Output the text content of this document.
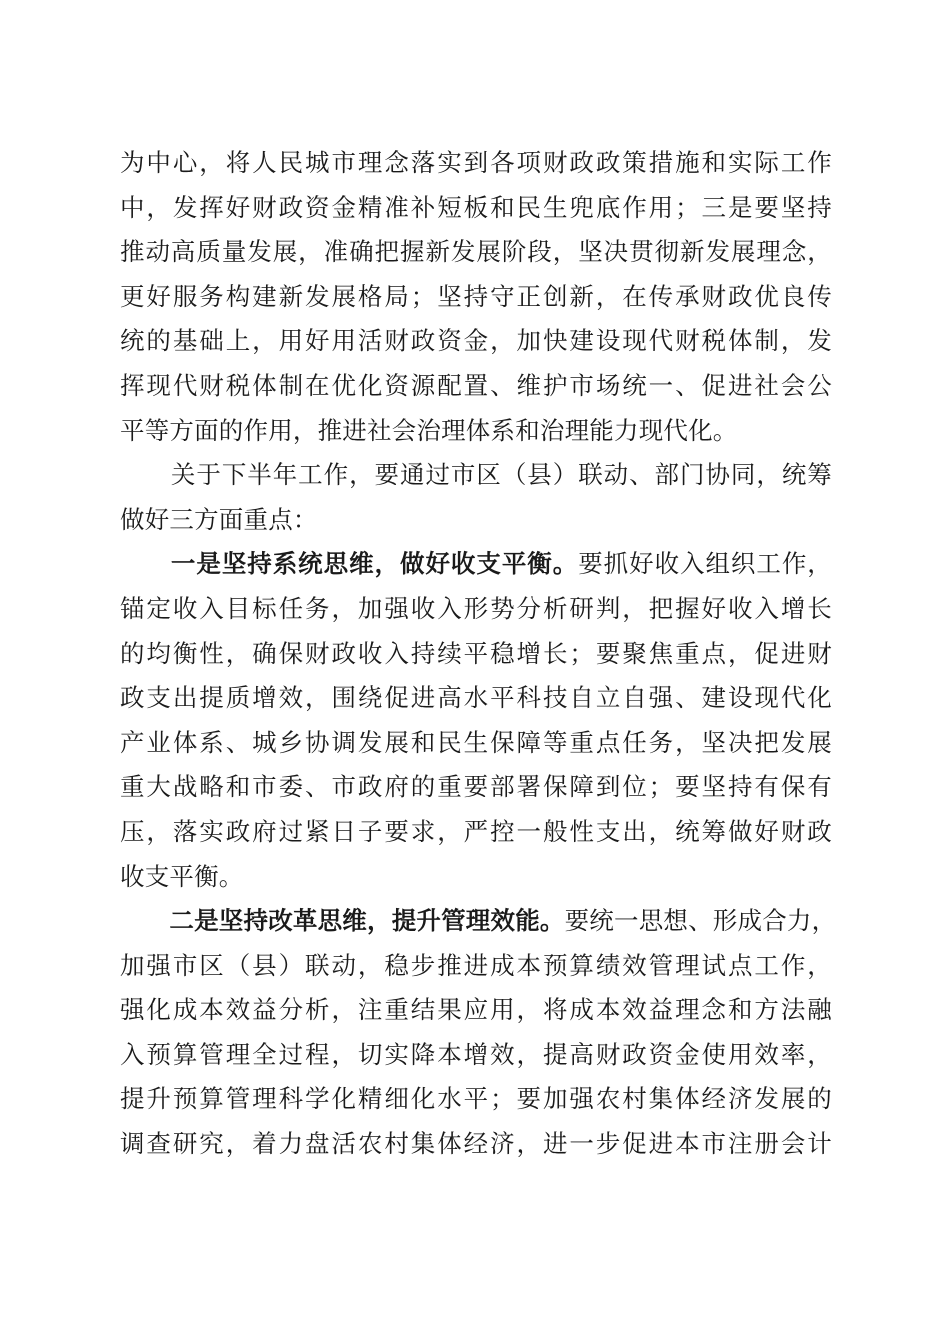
为中心，将人民城市理念落实到各项财政政策措施和实际工作
中，发挥好财政资金精准补短板和民生兜底作用；三是要坚持
推动高质量发展，准确把握新发展阶段，坚决贯彻新发展理念，
更好服务构建新发展格局；坚持守正创新，在传承财政优良传
统的基础上，用好用活财政资金，加快建设现代财税体制，发
挥现代财税体制在优化资源配置、维护市场统一、促进社会公
平等方面的作用，推进社会治理体系和治理能力现代化。
　　关于下半年工作，要通过市区（县）联动、部门协同，统筹
做好三方面重点：
　　一是坚持系统思维，做好收支平衡。要抓好收入组织工作，
锚定收入目标任务，加强收入形势分析研判，把握好收入增长
的均衡性，确保财政收入持续平稳增长；要聚焦重点，促进财
政支出提质增效，围绕促进高水平科技自立自强、建设现代化
产业体系、城乡协调发展和民生保障等重点任务，坚决把发展
重大战略和市委、市政府的重要部署保障到位；要坚持有保有
压，落实政府过紧日子要求，严控一般性支出，统筹做好财政
收支平衡。
　　二是坚持改革思维，提升管理效能。要统一思想、形成合力，
加强市区（县）联动，稳步推进成本预算绩效管理试点工作，
强化成本效益分析，注重结果应用，将成本效益理念和方法融
入预算管理全过程，切实降本增效，提高财政资金使用效率，
提升预算管理科学化精细化水平；要加强农村集体经济发展的
调查研究，着力盘活农村集体经济，进一步促进本市注册会计
